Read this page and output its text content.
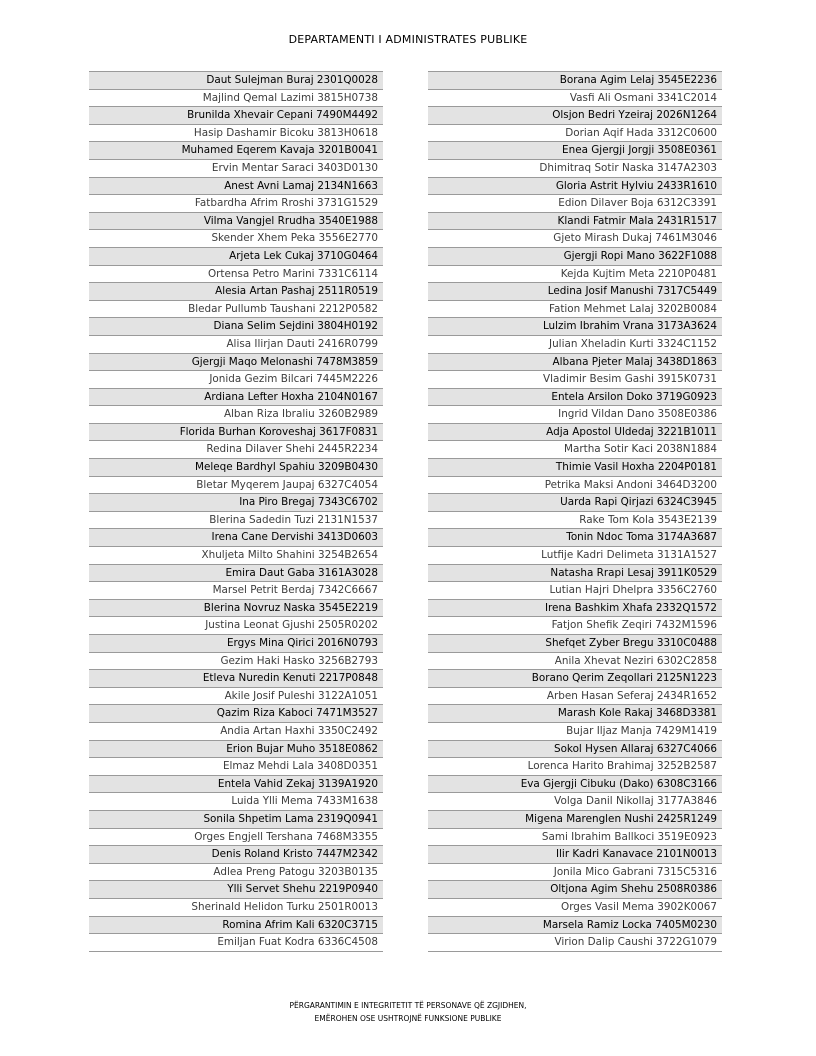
DEPARTAMENTI I ADMINISTRATES PUBLIKE
Daut Sulejman Buraj 2301Q0028
Majlind Qemal Lazimi 3815H0738
Brunilda Xhevair Cepani 7490M4492
Hasip Dashamir Bicoku 3813H0618
Muhamed Eqerem Kavaja 3201B0041
Ervin Mentar Saraci 3403D0130
Anest Avni Lamaj 2134N1663
Fatbardha Afrim Rroshi 3731G1529
Vilma Vangjel Rrudha 3540E1988
Skender Xhem Peka 3556E2770
Arjeta Lek Cukaj 3710G0464
Ortensa Petro Marini 7331C6114
Alesia Artan Pashaj 2511R0519
Bledar Pullumb Taushani 2212P0582
Diana Selim Sejdini 3804H0192
Alisa Ilirjan Dauti 2416R0799
Gjergji Maqo Melonashi 7478M3859
Jonida Gezim Bilcari 7445M2226
Ardiana Lefter Hoxha 2104N0167
Alban Riza Ibraliu 3260B2989
Florida Burhan Koroveshaj 3617F0831
Redina Dilaver Shehi 2445R2234
Meleqe Bardhyl Spahiu 3209B0430
Bletar Myqerem Jaupaj 6327C4054
Ina Piro Bregaj 7343C6702
Blerina Sadedin Tuzi 2131N1537
Irena Cane Dervishi 3413D0603
Xhuljeta Milto Shahini 3254B2654
Emira Daut Gaba 3161A3028
Marsel Petrit Berdaj 7342C6667
Blerina Novruz Naska 3545E2219
Justina Leonat Gjushi 2505R0202
Ergys Mina Qirici 2016N0793
Gezim Haki Hasko 3256B2793
Etleva Nuredin Kenuti 2217P0848
Akile Josif Puleshi 3122A1051
Qazim Riza Kaboci 7471M3527
Andia Artan Haxhi 3350C2492
Erion Bujar Muho 3518E0862
Elmaz Mehdi Lala 3408D0351
Entela Vahid Zekaj 3139A1920
Luida Ylli Mema 7433M1638
Sonila Shpetim Lama 2319Q0941
Orges Engjell Tershana 7468M3355
Denis Roland Kristo 7447M2342
Adlea Preng Patogu 3203B0135
Ylli Servet Shehu 2219P0940
Sherinald Helidon Turku 2501R0013
Romina Afrim Kali 6320C3715
Emiljan Fuat Kodra 6336C4508
Borana Agim Lelaj 3545E2236
Vasfi Ali Osmani 3341C2014
Olsjon Bedri Yzeiraj 2026N1264
Dorian Aqif Hada 3312C0600
Enea Gjergji Jorgji 3508E0361
Dhimitraq Sotir Naska 3147A2303
Gloria Astrit Hylviu 2433R1610
Edion Dilaver Boja 6312C3391
Klandi Fatmir Mala 2431R1517
Gjeto Mirash Dukaj 7461M3046
Gjergji Ropi Mano 3622F1088
Kejda Kujtim Meta 2210P0481
Ledina Josif Manushi 7317C5449
Fation Mehmet Lalaj 3202B0084
Lulzim Ibrahim Vrana 3173A3624
Julian Xheladin Kurti 3324C1152
Albana Pjeter Malaj 3438D1863
Vladimir Besim Gashi 3915K0731
Entela Arsilon Doko 3719G0923
Ingrid Vildan Dano 3508E0386
Adja Apostol Uldedaj 3221B1011
Martha Sotir Kaci 2038N1884
Thimie Vasil Hoxha 2204P0181
Petrika Maksi Andoni 3464D3200
Uarda Rapi Qirjazi 6324C3945
Rake Tom Kola 3543E2139
Tonin Ndoc Toma 3174A3687
Lutfije Kadri Delimeta 3131A1527
Natasha Rrapi Lesaj 3911K0529
Lutian Hajri Dhelpra 3356C2760
Irena Bashkim Xhafa 2332Q1572
Fatjon Shefik Zeqiri 7432M1596
Shefqet Zyber Bregu 3310C0488
Anila Xhevat Neziri 6302C2858
Borano Qerim Zeqollari 2125N1223
Arben Hasan Seferaj 2434R1652
Marash Kole Rakaj 3468D3381
Bujar Iljaz Manja 7429M1419
Sokol Hysen Allaraj 6327C4066
Lorenca Harito Brahimaj 3252B2587
Eva Gjergji Cibuku (Dako) 6308C3166
Volga Danil Nikollaj 3177A3846
Migena Marenglen Nushi 2425R1249
Sami Ibrahim Ballkoci 3519E0923
Ilir Kadri Kanavace 2101N0013
Jonila Mico Gabrani 7315C5316
Oltjona Agim Shehu 2508R0386
Orges Vasil Mema 3902K0067
Marsela Ramiz Locka 7405M0230
Virion Dalip Caushi 3722G1079
PËRGARANTIMIN E INTEGRITETIT TË PERSONAVE QË ZGJIDHEN,
EMËROHEN OSE USHTROJNË FUNKSIONE PUBLIKE
